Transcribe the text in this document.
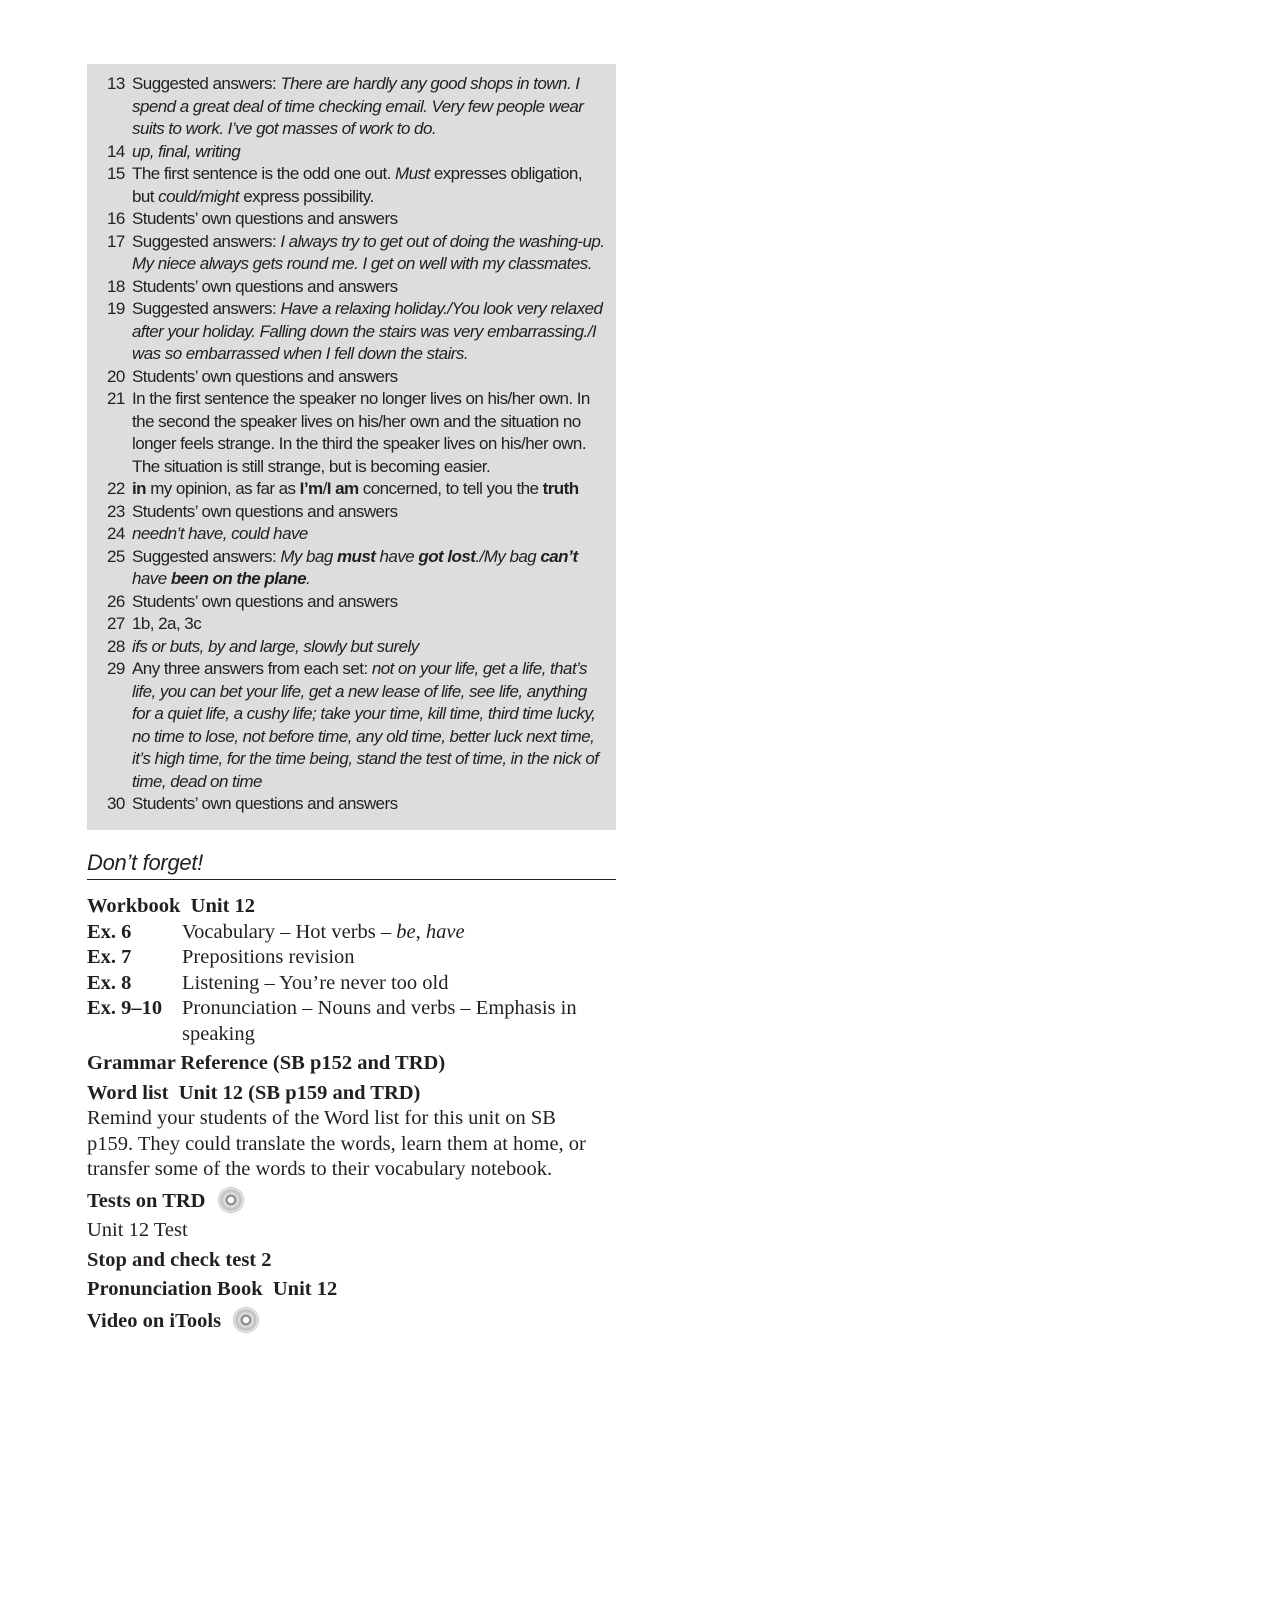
13 Suggested answers: There are hardly any good shops in town. I spend a great deal of time checking email. Very few people wear suits to work. I’ve got masses of work to do.
14 up, final, writing
15 The first sentence is the odd one out. Must expresses obligation, but could/might express possibility.
16 Students’ own questions and answers
17 Suggested answers: I always try to get out of doing the washing-up. My niece always gets round me. I get on well with my classmates.
18 Students’ own questions and answers
19 Suggested answers: Have a relaxing holiday./You look very relaxed after your holiday. Falling down the stairs was very embarrassing./I was so embarrassed when I fell down the stairs.
20 Students’ own questions and answers
21 In the first sentence the speaker no longer lives on his/her own. In the second the speaker lives on his/her own and the situation no longer feels strange. In the third the speaker lives on his/her own. The situation is still strange, but is becoming easier.
22 in my opinion, as far as I’m/I am concerned, to tell you the truth
23 Students’ own questions and answers
24 needn’t have, could have
25 Suggested answers: My bag must have got lost./My bag can’t have been on the plane.
26 Students’ own questions and answers
27 1b, 2a, 3c
28 ifs or buts, by and large, slowly but surely
29 Any three answers from each set: not on your life, get a life, that’s life, you can bet your life, get a new lease of life, see life, anything for a quiet life, a cushy life; take your time, kill time, third time lucky, no time to lose, not before time, any old time, better luck next time, it’s high time, for the time being, stand the test of time, in the nick of time, dead on time
30 Students’ own questions and answers
Don’t forget!
Workbook  Unit 12
Ex. 6	Vocabulary – Hot verbs – be, have
Ex. 7	Prepositions revision
Ex. 8	Listening – You’re never too old
Ex. 9–10 Pronunciation – Nouns and verbs – Emphasis in speaking
Grammar Reference (SB p152 and TRD)
Word list  Unit 12 (SB p159 and TRD)

Remind your students of the Word list for this unit on SB p159. They could translate the words, learn them at home, or transfer some of the words to their vocabulary notebook.

Tests on TRD
Unit 12 Test
Stop and check test 2
Pronunciation Book  Unit 12
Video on iTools
